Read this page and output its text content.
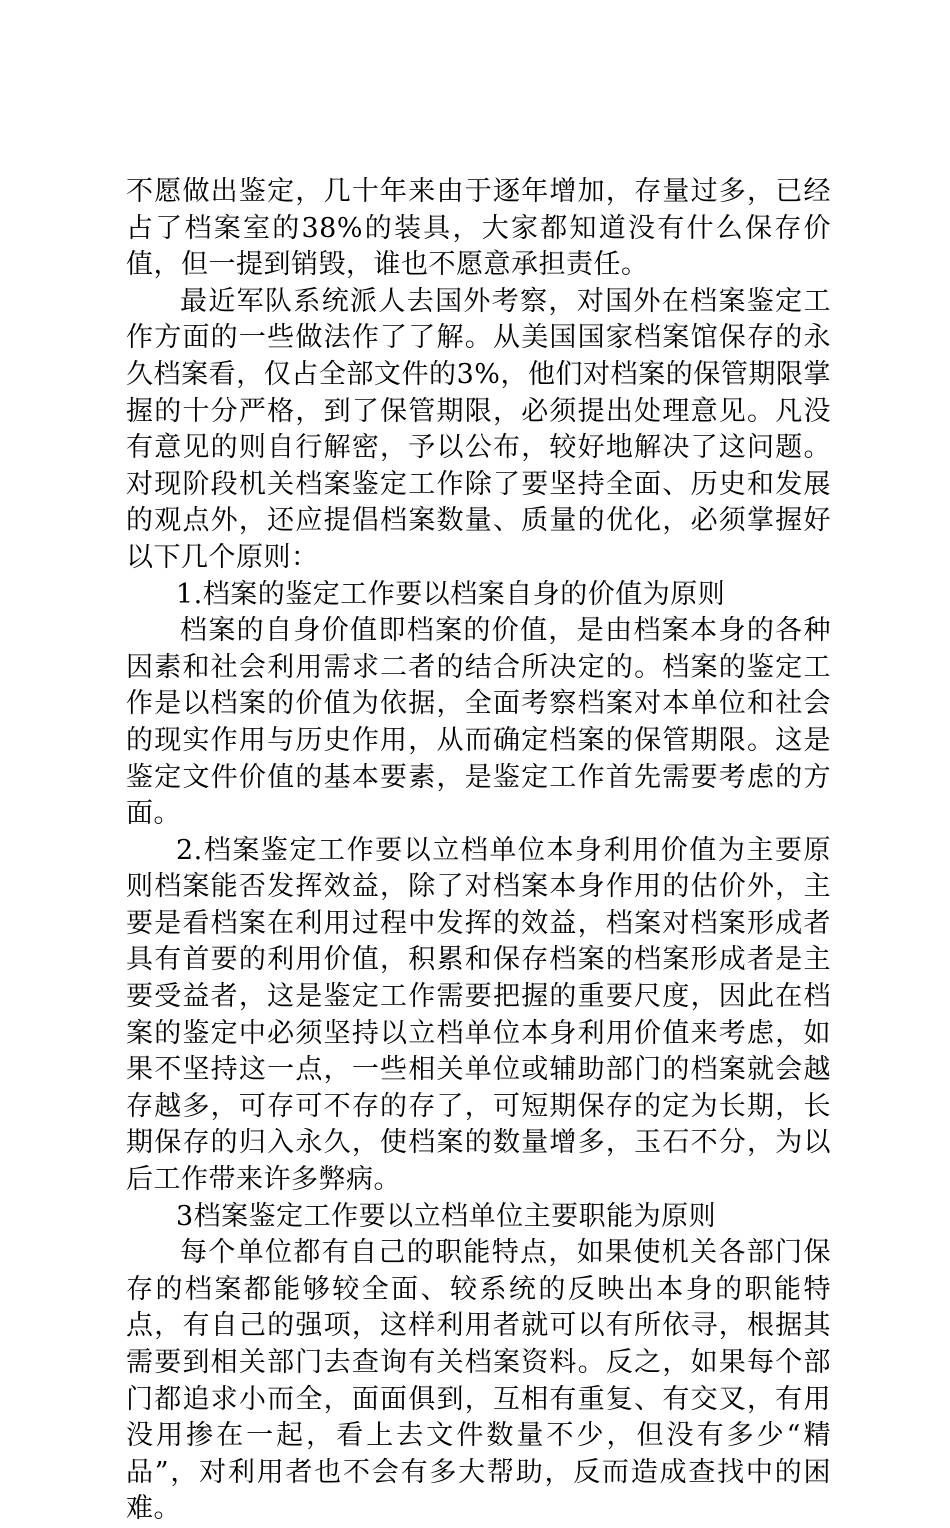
不愿做出鉴定，几十年来由于逐年增加，存量过多，已经占了档案室的38%的装具，大家都知道没有什么保存价值，但一提到销毁，谁也不愿意承担责任。

最近军队系统派人去国外考察，对国外在档案鉴定工作方面的一些做法作了了解。从美国国家档案馆保存的永久档案看，仅占全部文件的3%，他们对档案的保管期限掌握的十分严格，到了保管期限，必须提出处理意见。凡没有意见的则自行解密，予以公布，较好地解决了这问题。对现阶段机关档案鉴定工作除了要坚持全面、历史和发展的观点外，还应提倡档案数量、质量的优化，必须掌握好以下几个原则：

1.档案的鉴定工作要以档案自身的价值为原则

档案的自身价值即档案的价值，是由档案本身的各种因素和社会利用需求二者的结合所决定的。档案的鉴定工作是以档案的价值为依据，全面考察档案对本单位和社会的现实作用与历史作用，从而确定档案的保管期限。这是鉴定文件价值的基本要素，是鉴定工作首先需要考虑的方面。

2.档案鉴定工作要以立档单位本身利用价值为主要原则档案能否发挥效益，除了对档案本身作用的估价外，主要是看档案在利用过程中发挥的效益，档案对档案形成者具有首要的利用价值，积累和保存档案的档案形成者是主要受益者，这是鉴定工作需要把握的重要尺度，因此在档案的鉴定中必须坚持以立档单位本身利用价值来考虑，如果不坚持这一点，一些相关单位或辅助部门的档案就会越存越多，可存可不存的存了，可短期保存的定为长期，长期保存的归入永久，使档案的数量增多，玉石不分，为以后工作带来许多弊病。

3档案鉴定工作要以立档单位主要职能为原则

每个单位都有自己的职能特点，如果使机关各部门保存的档案都能够较全面、较系统的反映出本身的职能特点，有自己的强项，这样利用者就可以有所依寻，根据其需要到相关部门去查询有关档案资料。反之，如果每个部门都追求小而全，面面俱到，互相有重复、有交叉，有用没用掺在一起，看上去文件数量不少，但没有多少“精品”，对利用者也不会有多大帮助，反而造成查找中的困难。
